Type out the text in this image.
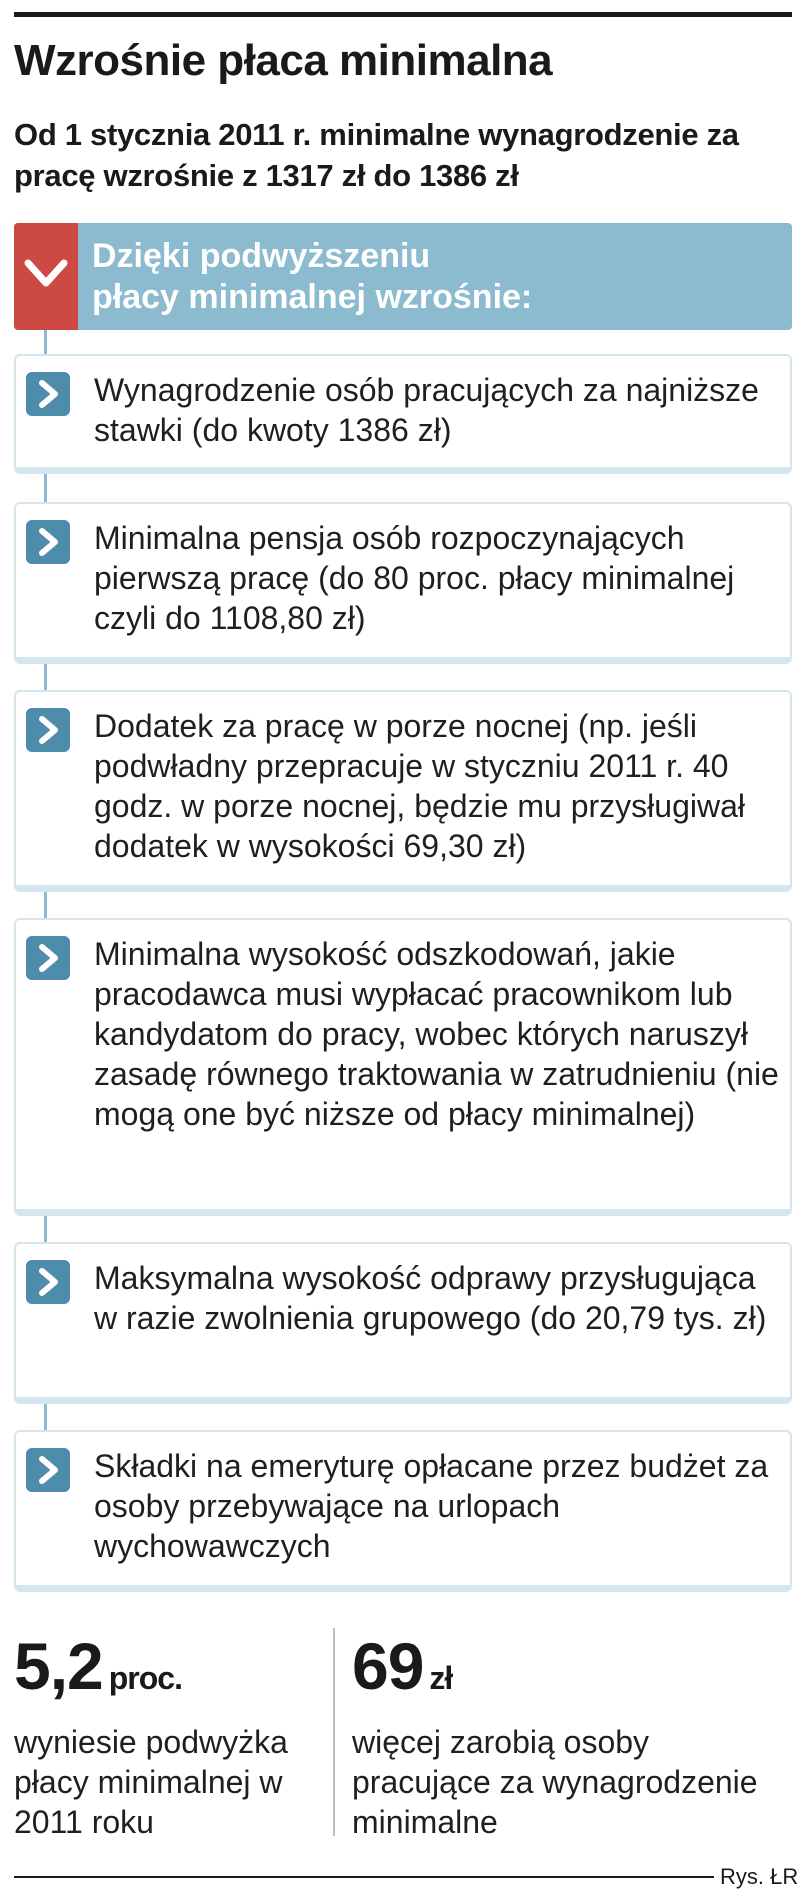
Wzrośnie płaca minimalna

Od 1 stycznia 2011 r. minimalne wynagrodzenie za pracę wzrośnie z 1317 zł do 1386 zł

Dzięki podwyższeniu
płacy minimalnej wzrośnie:

Wynagrodzenie osób pracujących za najniższe stawki (do kwoty 1386 zł)

Minimalna pensja osób rozpoczynających pierwszą pracę (do 80 proc. płacy minimalnej czyli do 1108,80 zł)

Dodatek za pracę w porze nocnej (np. jeśli podwładny przepracuje w styczniu 2011 r. 40 godz. w porze nocnej, będzie mu przysługiwał dodatek w wysokości 69,30 zł)

Minimalna wysokość odszkodowań, jakie pracodawca musi wypłacać pracownikom lub kandydatom do pracy, wobec których naruszył zasadę równego traktowania w zatrudnieniu (nie mogą one być niższe od płacy minimalnej)

Maksymalna wysokość odprawy przysługująca w razie zwolnienia grupowego (do 20,79 tys. zł)

Składki na emeryturę opłacane przez budżet za osoby przebywające na urlopach wychowawczych

5,2 proc.
wyniesie podwyżka płacy minimalnej w 2011 roku
69 zł
więcej zarobią osoby pracujące za wynagrodzenie minimalne
Rys. ŁR
